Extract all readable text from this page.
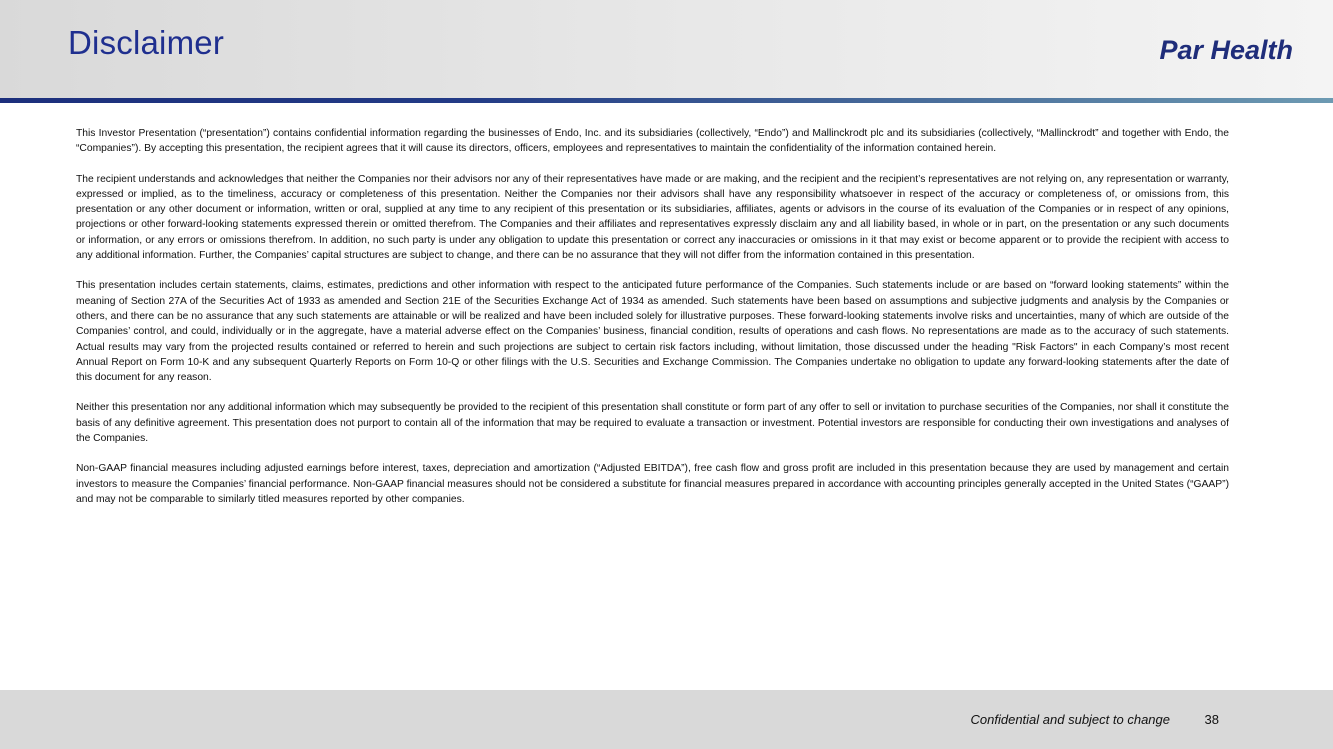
Disclaimer	Par Health

This Investor Presentation (“presentation”) contains confidential information regarding the businesses of Endo, Inc. and its subsidiaries (collectively, “Endo”) and Mallinckrodt plc and its subsidiaries (collectively, “Mallinckrodt” and together with Endo, the “Companies”). By accepting this presentation, the recipient agrees that it will cause its directors, officers, employees and representatives to maintain the confidentiality of the information contained herein.

The recipient understands and acknowledges that neither the Companies nor their advisors nor any of their representatives have made or are making, and the recipient and the recipient’s representatives are not relying on, any representation or warranty, expressed or implied, as to the timeliness, accuracy or completeness of this presentation. Neither the Companies nor their advisors shall have any responsibility whatsoever in respect of the accuracy or completeness of, or omissions from, this presentation or any other document or information, written or oral, supplied at any time to any recipient of this presentation or its subsidiaries, affiliates, agents or advisors in the course of its evaluation of the Companies or in respect of any opinions, projections or other forward-looking statements expressed therein or omitted therefrom. The Companies and their affiliates and representatives expressly disclaim any and all liability based, in whole or in part, on the presentation or any such documents or information, or any errors or omissions therefrom. In addition, no such party is under any obligation to update this presentation or correct any inaccuracies or omissions in it that may exist or become apparent or to provide the recipient with access to any additional information. Further, the Companies’ capital structures are subject to change, and there can be no assurance that they will not differ from the information contained in this presentation.

This presentation includes certain statements, claims, estimates, predictions and other information with respect to the anticipated future performance of the Companies. Such statements include or are based on “forward looking statements” within the meaning of Section 27A of the Securities Act of 1933 as amended and Section 21E of the Securities Exchange Act of 1934 as amended. Such statements have been based on assumptions and subjective judgments and analysis by the Companies or others, and there can be no assurance that any such statements are attainable or will be realized and have been included solely for illustrative purposes. These forward-looking statements involve risks and uncertainties, many of which are outside of the Companies’ control, and could, individually or in the aggregate, have a material adverse effect on the Companies’ business, financial condition, results of operations and cash flows. No representations are made as to the accuracy of such statements. Actual results may vary from the projected results contained or referred to herein and such projections are subject to certain risk factors including, without limitation, those discussed under the heading "Risk Factors" in each Company’s most recent Annual Report on Form 10-K and any subsequent Quarterly Reports on Form 10-Q or other filings with the U.S. Securities and Exchange Commission. The Companies undertake no obligation to update any forward-looking statements after the date of this document for any reason.

Neither this presentation nor any additional information which may subsequently be provided to the recipient of this presentation shall constitute or form part of any offer to sell or invitation to purchase securities of the Companies, nor shall it constitute the basis of any definitive agreement. This presentation does not purport to contain all of the information that may be required to evaluate a transaction or investment. Potential investors are responsible for conducting their own investigations and analyses of the Companies.

Non-GAAP financial measures including adjusted earnings before interest, taxes, depreciation and amortization (“Adjusted EBITDA”), free cash flow and gross profit are included in this presentation because they are used by management and certain investors to measure the Companies’ financial performance. Non-GAAP financial measures should not be considered a substitute for financial measures prepared in accordance with accounting principles generally accepted in the United States (“GAAP”) and may not be comparable to similarly titled measures reported by other companies.

Confidential and subject to change	38
